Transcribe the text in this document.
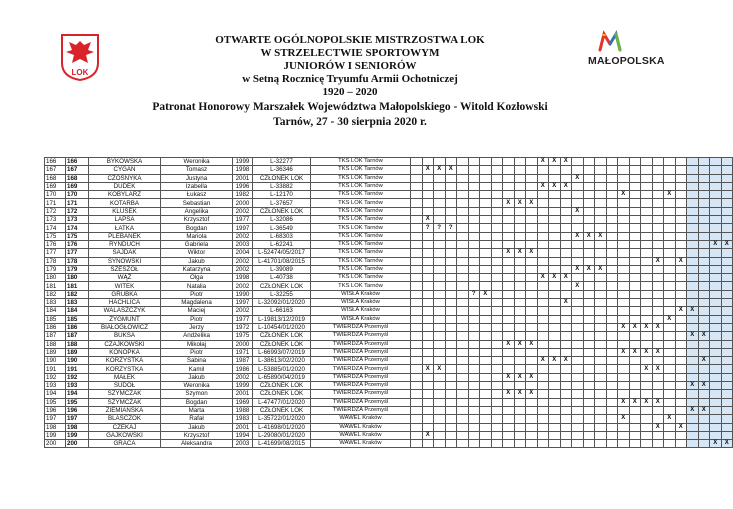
LOK
MAŁOPOLSKA
OTWARTE OGÓLNOPOLSKIE MISTRZOSTWA LOK
W STRZELECTWIE SPORTOWYM
JUNIORÓW I SENIORÓW
w Setną Rocznicę Tryumfu Armii Ochotniczej
1920 – 2020
Patronat Honorowy Marszałek Województwa Małopolskiego - Witold Kozłowski
Tarnów, 27 - 30 sierpnia 2020 r.
166	166	BYKOWSKA	Weronika	1999	L-32277	TKS LOK Tarnów												X	X	X														
167	167	CYGAN	Tomasz	1998	L-36346	TKS LOK Tarnów		X	X	X																								
168	168	CZOSNYKA	Justyna	2001	CZŁONEK LOK	TKS LOK Tarnów															X													
169	169	DUDEK	Izabella	1996	L-33882	TKS LOK Tarnów												X	X	X														
170	170	KOBYLARZ	Łukasz	1982	L-12170	TKS LOK Tarnów																			X				X					
171	171	KOTARBA	Sebastian	2000	L-37657	TKS LOK Tarnów									X	X	X																	
172	172	KLUSEK	Angelika	2002	CZŁONEK LOK	TKS LOK Tarnów															X													
173	173	LAPSA	Krzysztof	1977	L-32086	TKS LOK Tarnów		X																										
174	174	ŁATKA	Bogdan	1997	L-36549	TKS LOK Tarnów		?	?	?																								
175	175	PLEBANEK	Mariola	2002	L-68303	TKS LOK Tarnów															X	X	X											
176	176	RYNDUCH	Gabriela	2003	L-62241	TKS LOK Tarnów																											X	X
177	177	SAJDAK	Wiktor	2004	L-52474/05/2017	TKS LOK Tarnów									X	X	X																	
178	178	SYNOWSKI	Jakub	2002	L-41701/08/2015	TKS LOK Tarnów																						X		X				
179	179	SZESZOŁ	Katarzyna	2002	L-39089	TKS LOK Tarnów															X	X	X											
180	180	WĄŻ	Olga	1998	L-40738	TKS LOK Tarnów												X	X	X														
181	181	WITEK	Natalia	2002	CZŁONEK LOK	TKS LOK Tarnów															X													
182	182	GRUBKA	Piotr	1990	L-32255	WISŁA Kraków						?	X																					
183	183	HACHLICA	Magdalena	1997	L-32092/01/2020	WISŁA Kraków														X														
184	184	WALASZCZYK	Maciej	2002	L-66163	WISŁA Kraków																								X	X			
185	185	ZYGMUNT	Piotr	1977	L-19813/12/2019	WISŁA Kraków																							X					
186	186	BIAŁOGŁOWICZ	Jerzy	1972	L-10454/01/2020	TWIERDZA Przemyśl																			X	X	X	X						
187	187	BUKSA	Andżelika	1975	CZŁONEK LOK	TWIERDZA Przemyśl																									X	X		
188	188	CZAJKOWSKI	Mikołaj	2000	CZŁONEK LOK	TWIERDZA Przemyśl									X	X	X																	
189	189	KONOPKA	Piotr	1971	L-66993/07/2019	TWIERDZA Przemyśl																			X	X	X	X						
190	190	KORZYSTKA	Sabina	1987	L-38613/02/2020	TWIERDZA Przemyśl												X	X	X												X		
191	191	KORZYSTKA	Kamil	1986	L-53885/01/2020	TWIERDZA Przemyśl		X	X																		X	X						
192	192	MAŁEK	Jakub	2002	L-65890/04/2019	TWIERDZA Przemyśl									X	X	X																	
193	193	SUDOŁ	Weronika	1999	CZŁONEK LOK	TWIERDZA Przemyśl																									X	X		
194	194	SZYMCZAK	Szymon	2001	CZŁONEK LOK	TWIERDZA Przemyśl									X	X	X																	
195	195	SZYMCZAK	Bogdan	1969	L-47477/01/2020	TWIERDZA Przemyśl																			X	X	X	X						
196	196	ZIEMIANSKA	Marta	1988	CZŁONEK LOK	TWIERDZA Przemyśl																									X	X		
197	197	BLASCZOK	Rafał	1983	L-35722/01/2020	WAWEL Kraków																			X				X					
198	198	CZEKAJ	Jakub	2001	L-41698/01/2020	WAWEL Kraków																						X		X				
199	199	GAJKOWSKI	Krzysztof	1994	L-29080/01/2020	WAWEL Kraków		X																										
200	200	GRACA	Aleksandra	2003	L-41699/08/2015	WAWEL Kraków																											X	X
